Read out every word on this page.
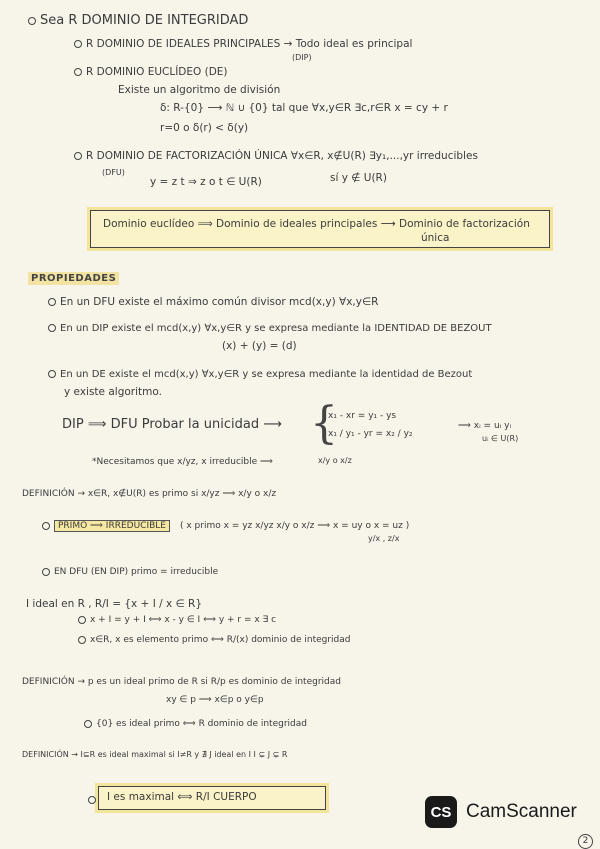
Sea R DOMINIO DE INTEGRIDAD
R DOMINIO DE IDEALES PRINCIPALES → Todo ideal es principal
(DIP)
R DOMINIO EUCLÍDEO (DE)
Existe un algoritmo de división
δ: R-{0} ⟶ ℕ ∪ {0} tal que ∀x,y∈R ∃c,r∈R x = cy + r
r=0 o δ(r) < δ(y)
R DOMINIO DE FACTORIZACIÓN ÚNICA ∀x∈R, x∉U(R) ∃y₁,...,yr irreducibles
(DFU)
y = z t ⇒ z o t ∈ U(R)	sí y ∉ U(R)
Dominio euclídeo ⟹ Dominio de ideales principales ⟶ Dominio de factorización
única
PROPIEDADES
En un DFU existe el máximo común divisor mcd(x,y) ∀x,y∈R
En un DIP existe el mcd(x,y) ∀x,y∈R y se expresa mediante la IDENTIDAD DE BEZOUT
(x) + (y) = (d)
En un DE existe el mcd(x,y) ∀x,y∈R y se expresa mediante la identidad de Bezout
y existe algoritmo.
DIP ⟹ DFU Probar la unicidad ⟶ {
x₁ - xr = y₁ - ys
x₁ / y₁ - yr = x₂ / y₂
⟹ xᵢ = uᵢ yᵢ
uᵢ ∈ U(R)
*Necesitamos que x/yz, x irreducible ⟹	x/y o x/z
DEFINICIÓN → x∈R, x∉U(R) es primo si x/yz ⟹ x/y o x/z
PRIMO ⟹ IRREDUCIBLE	( x primo x = yz x/yz x/y o x/z ⟹ x = uy o x = uz )
y/x , z/x
EN DFU (EN DIP) primo = irreducible
I ideal en R , R/I = {x + I / x ∈ R}
x + I = y + I ⟺ x - y ∈ I ⟺ y + r = x ∃ c
x∈R, x es elemento primo ⟺ R/(x) dominio de integridad
DEFINICIÓN → p es un ideal primo de R si R/p es dominio de integridad
xy ∈ p ⟹ x∈p o y∈p
{0} es ideal primo ⟺ R dominio de integridad
DEFINICIÓN → I⊆R es ideal maximal si I≠R y ∄ J ideal en I I ⊊ J ⊊ R
I es maximal ⟺ R/I CUERPO
CS CamScanner
2
